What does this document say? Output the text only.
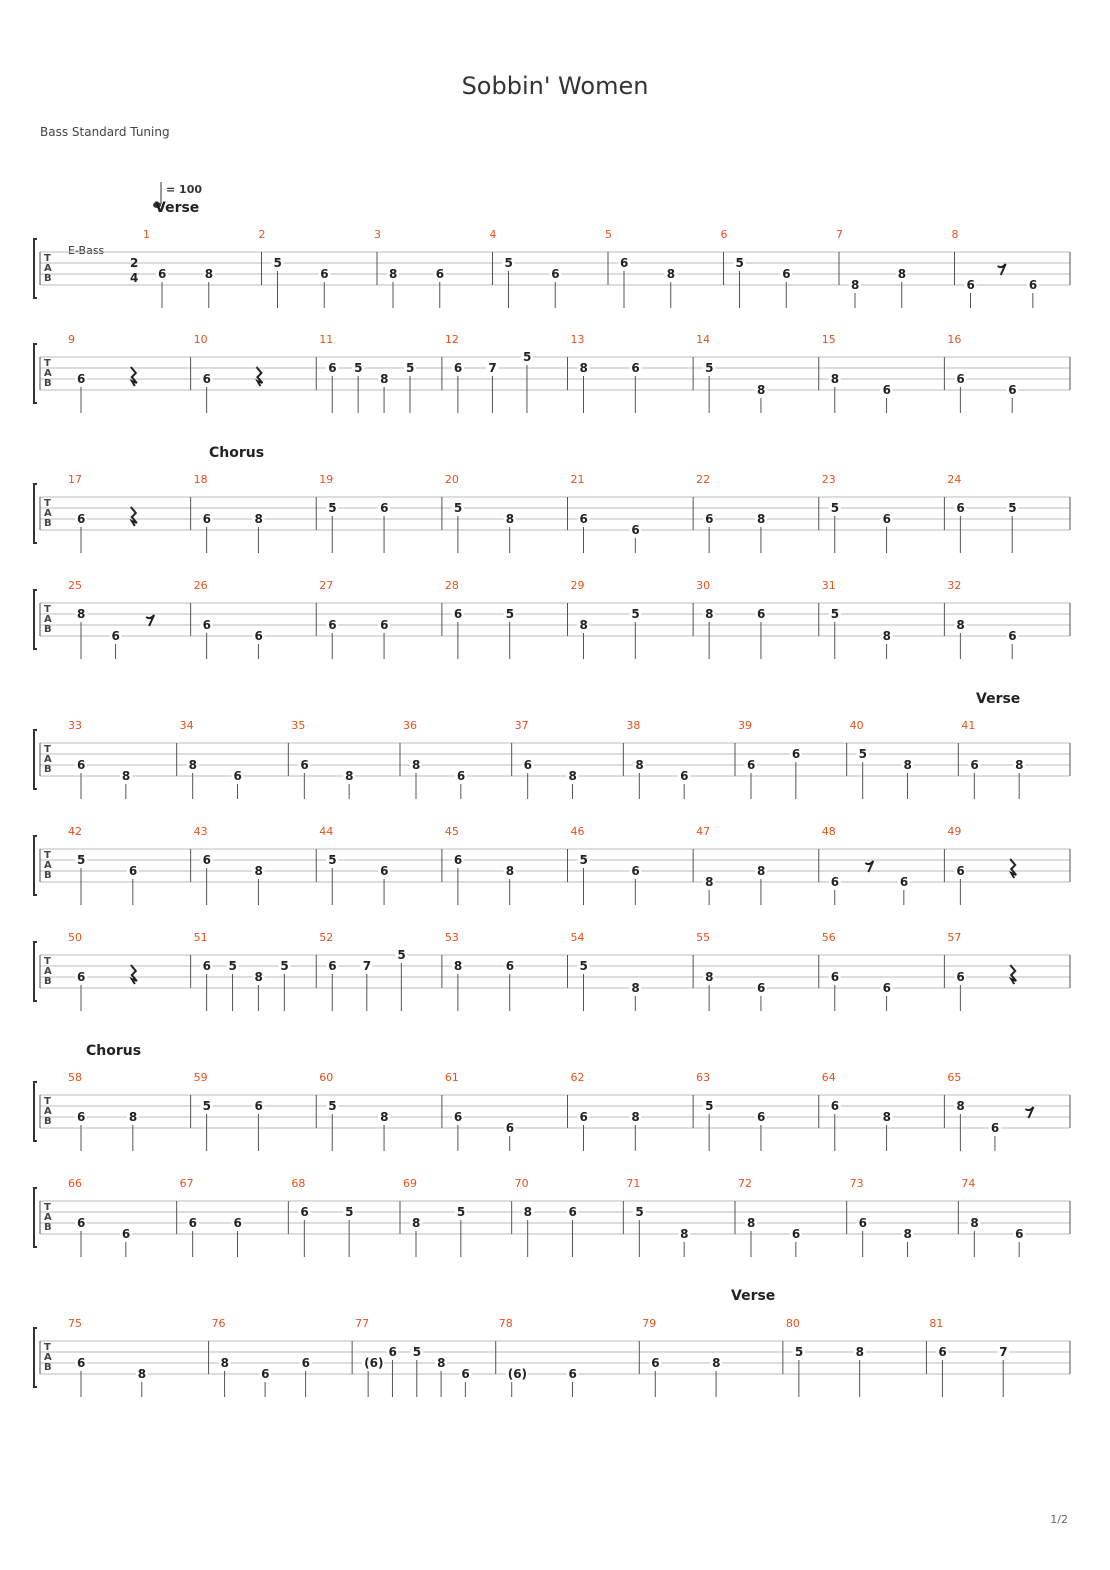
Sobbin' Women
Bass Standard Tuning
= 100
E-Bass
Verse
Chorus
Verse
Chorus
Verse
T
A
B
2
4
1
6	8
2
5
6
3
8	6
4
5
6
5
6
8
6
5
6
7
8
8
8
6	6
T
A
B
9
6
10
6
11
6 5
8
5
12
6 7
5
13
8	6
14
5
8
15
8
6
16
6
6
T
A
B
17
6
18
6	8
19
5	6
20
5
8
21
6
6
22
6	8
23
5
6
24
6	5
T
A
B
25
8
6
26
6
6
27
6	6
28
6	5
29
8
5
30
8	6
31
5
8
32
8
6
T
A
B
33
6
8
34
8
6
35
6
8
36
8
6
37
6
8
38
8
6
39
6
6
40
5
8
41
6	8
T
A
B
42
5
6
43
6
8
44
5
6
45
6
8
46
5
6
47
8
8
48
6	6
49
6
T
A
B
50
6
51
6 5
8
5
52
6 7
5
53
8	6
54
5
8
55
8
6
56
6
6
57
6
T
A
B
58
6	8
59
5	6
60
5
8
61
6
6
62
6	8
63
5
6
64
6
8
65
8
6
T
A
B
66
6
6
67
6	6
68
6	5
69
8
5
70
8	6
71
5
8
72
8
6
73
6
8
74
8
6
T
A
B
75
6
8
76
8
6
6
77
(6)
6 5
8
6
78
(6)	6
79
6	8
80
5	8
81
6	7
1/2
